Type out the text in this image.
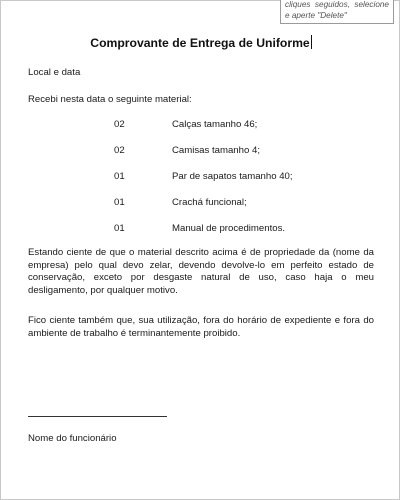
cliques seguidos, selecione e aperte "Delete"
Comprovante de Entrega de Uniforme

Local e data

Recebi nesta data o seguinte material:

02	Calças tamanho 46;
02	Camisas tamanho 4;
01	Par de sapatos tamanho 40;
01	Crachá funcional;
01	Manual de procedimentos.

Estando ciente de que o material descrito acima é de propriedade da (nome da empresa) pelo qual devo zelar, devendo devolve-lo em perfeito estado de conservação, exceto por desgaste natural de uso, caso haja o meu desligamento, por qualquer motivo.

Fico ciente também que, sua utilização, fora do horário de expediente e fora do ambiente de trabalho é terminantemente proibido.

Nome do funcionário
